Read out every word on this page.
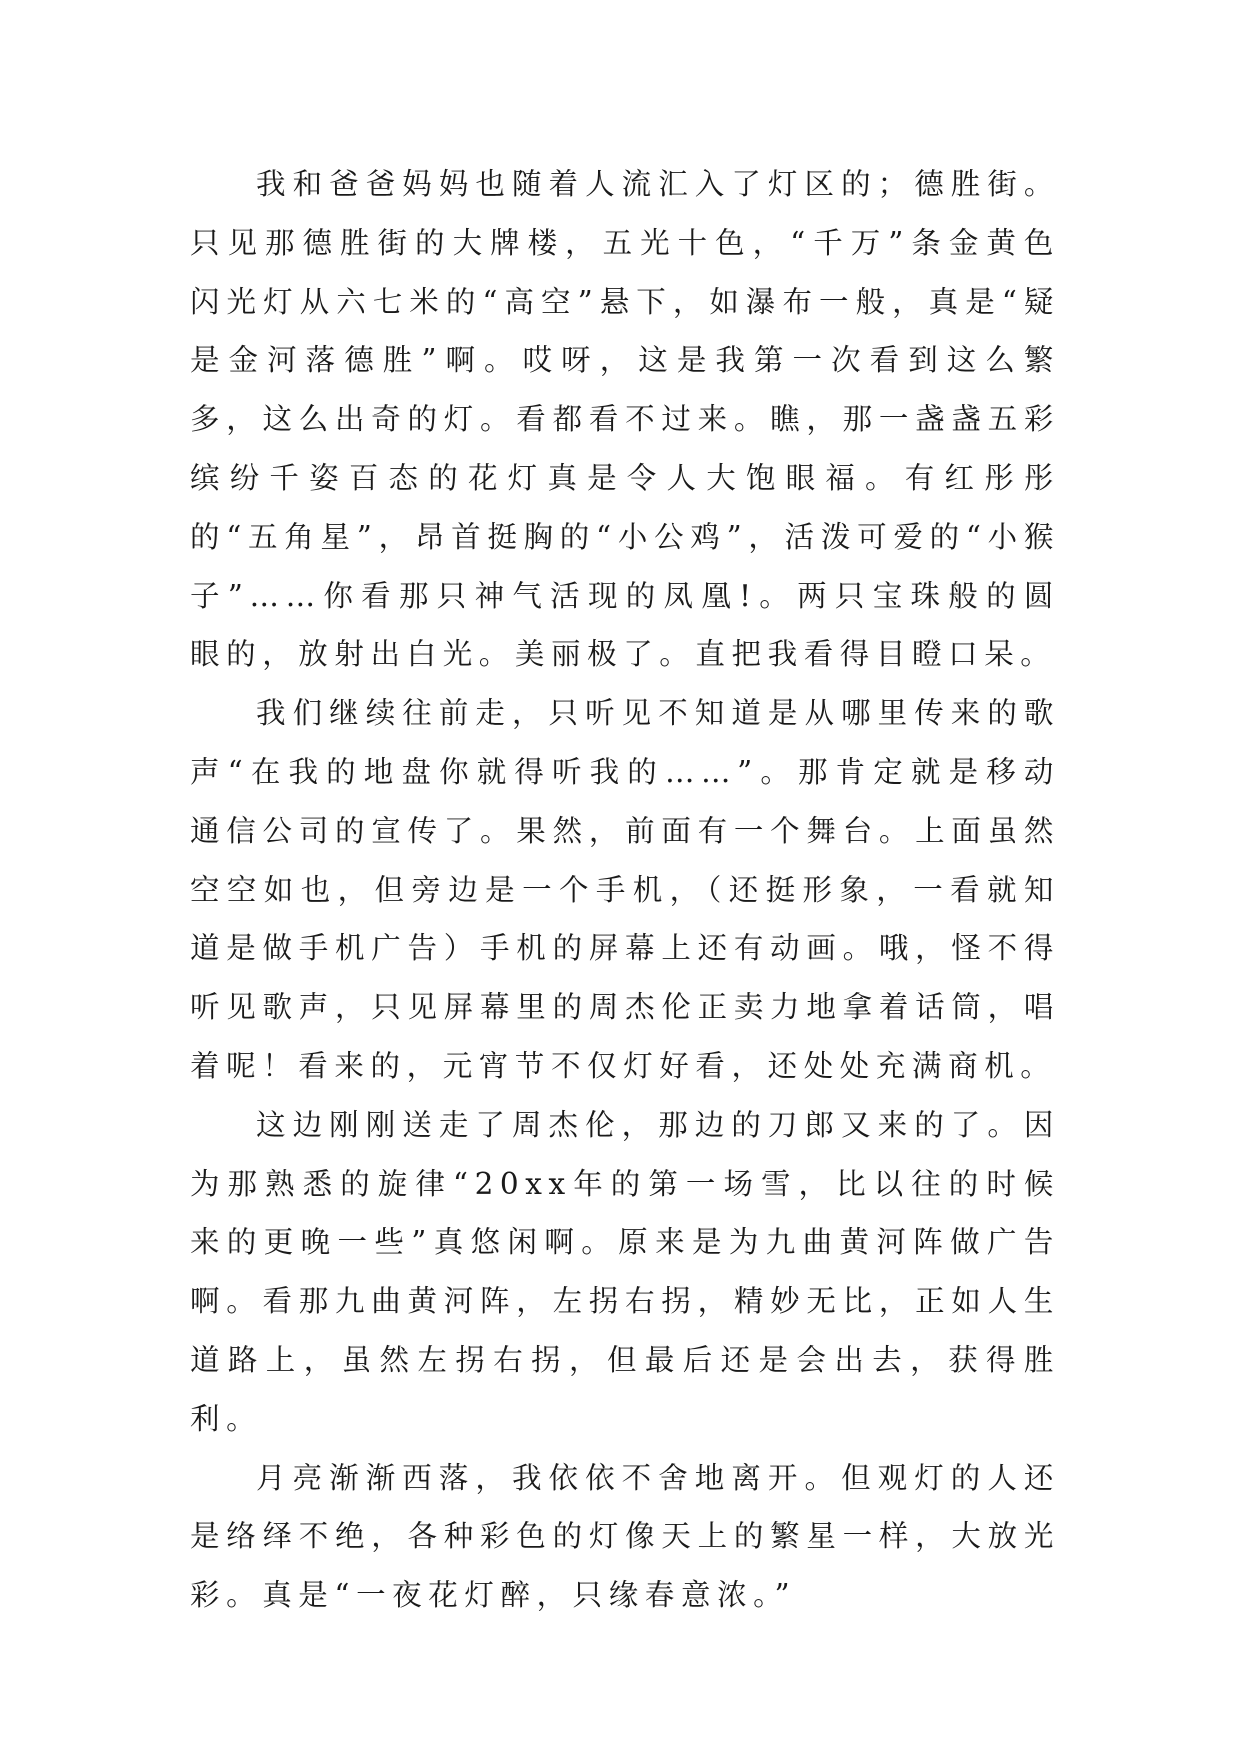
我和爸爸妈妈也随着人流汇入了灯区的；德胜街。只见那德胜街的大牌楼，五光十色，“千万”条金黄色闪光灯从六七米的“高空”悬下，如瀑布一般，真是“疑是金河落德胜”啊。哎呀，这是我第一次看到这么繁多，这么出奇的灯。看都看不过来。瞧，那一盏盏五彩缤纷千姿百态的花灯真是令人大饱眼福。有红彤彤的“五角星”，昂首挺胸的“小公鸡”，活泼可爱的“小猴子”……你看那只神气活现的凤凰!。两只宝珠般的圆眼的，放射出白光。美丽极了。直把我看得目瞪口呆。

我们继续往前走，只听见不知道是从哪里传来的歌声“在我的地盘你就得听我的……”。那肯定就是移动通信公司的宣传了。果然，前面有一个舞台。上面虽然空空如也，但旁边是一个手机，（还挺形象，一看就知道是做手机广告）手机的屏幕上还有动画。哦，怪不得听见歌声，只见屏幕里的周杰伦正卖力地拿着话筒，唱着呢！看来的，元宵节不仅灯好看，还处处充满商机。

这边刚刚送走了周杰伦，那边的刀郎又来的了。因为那熟悉的旋律“20xx年的第一场雪，比以往的时候来的更晚一些”真悠闲啊。原来是为九曲黄河阵做广告啊。看那九曲黄河阵，左拐右拐，精妙无比，正如人生道路上，虽然左拐右拐，但最后还是会出去，获得胜利。

月亮渐渐西落，我依依不舍地离开。但观灯的人还是络绎不绝，各种彩色的灯像天上的繁星一样，大放光彩。真是“一夜花灯醉，只缘春意浓。”
